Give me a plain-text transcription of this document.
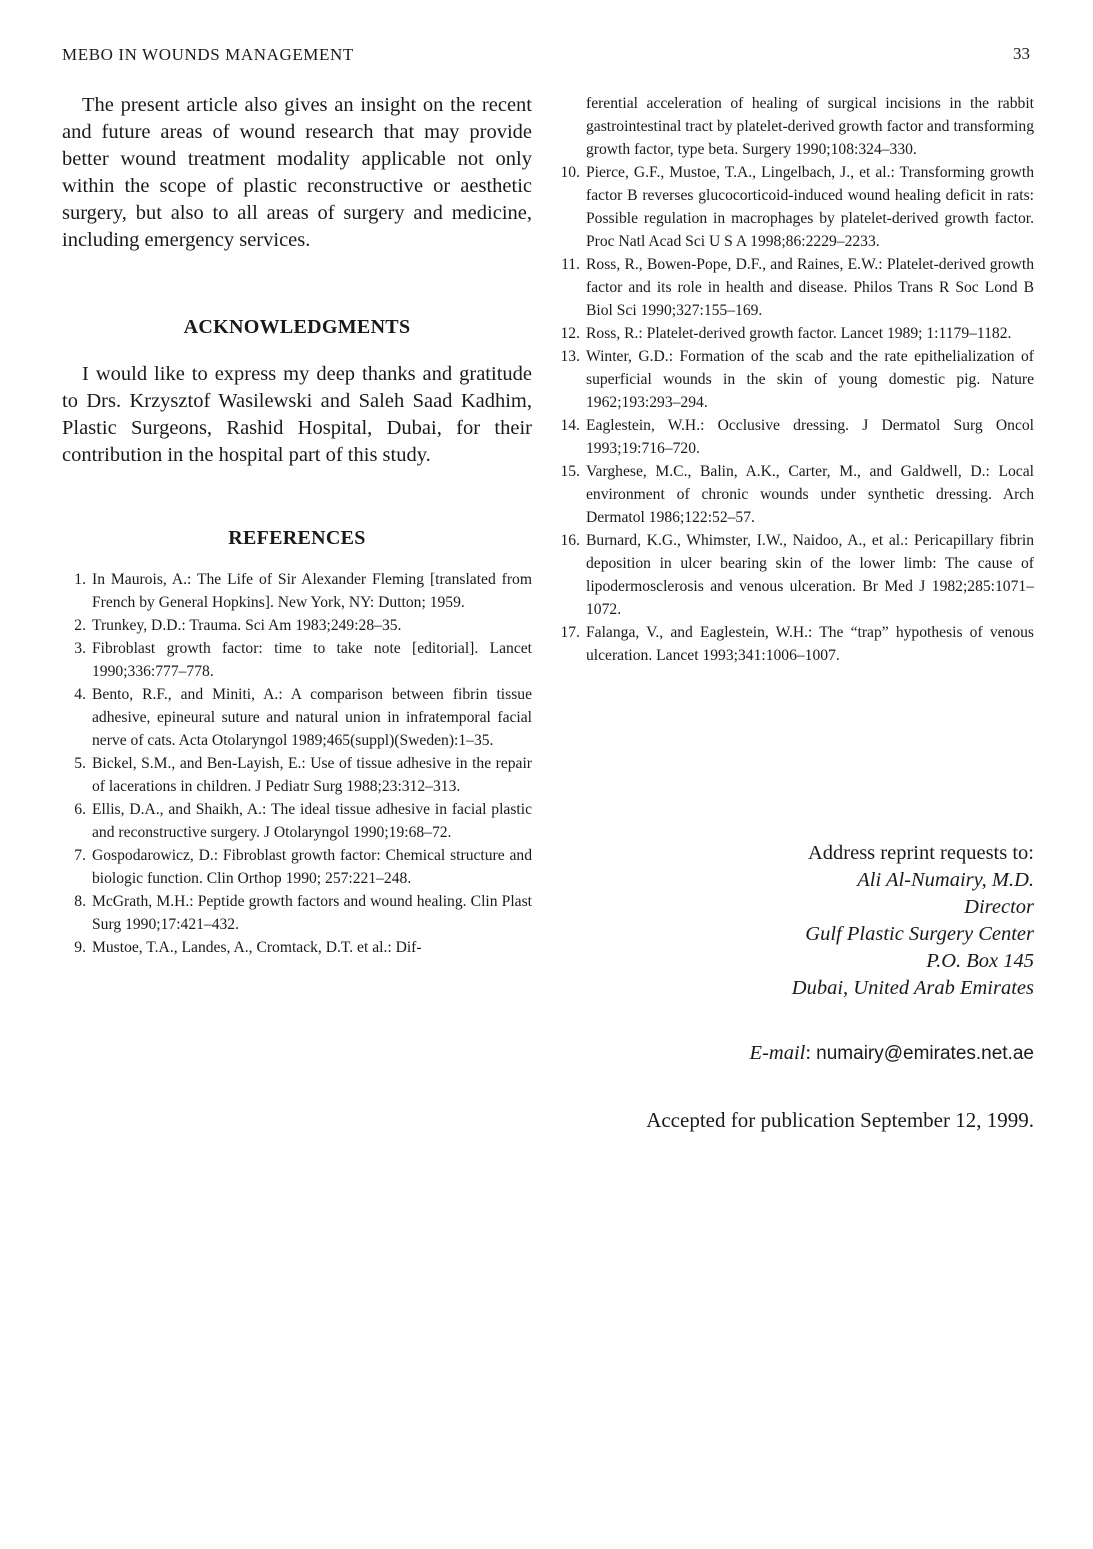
MEBO IN WOUNDS MANAGEMENT	33

The present article also gives an insight on the recent and future areas of wound research that may provide better wound treatment modality applicable not only within the scope of plastic reconstructive or aesthetic surgery, but also to all areas of surgery and medicine, including emergency services.

ACKNOWLEDGMENTS

I would like to express my deep thanks and gratitude to Drs. Krzysztof Wasilewski and Saleh Saad Kadhim, Plastic Surgeons, Rashid Hospital, Dubai, for their contribution in the hospital part of this study.

REFERENCES
1. In Maurois, A.: The Life of Sir Alexander Fleming [translated from French by General Hopkins]. New York, NY: Dutton; 1959.
2. Trunkey, D.D.: Trauma. Sci Am 1983;249:28–35.
3. Fibroblast growth factor: time to take note [editorial]. Lancet 1990;336:777–778.
4. Bento, R.F., and Miniti, A.: A comparison between fibrin tissue adhesive, epineural suture and natural union in infratemporal facial nerve of cats. Acta Otolaryngol 1989;465(suppl)(Sweden):1–35.
5. Bickel, S.M., and Ben-Layish, E.: Use of tissue adhesive in the repair of lacerations in children. J Pediatr Surg 1988;23:312–313.
6. Ellis, D.A., and Shaikh, A.: The ideal tissue adhesive in facial plastic and reconstructive surgery. J Otolaryngol 1990;19:68–72.
7. Gospodarowicz, D.: Fibroblast growth factor: Chemical structure and biologic function. Clin Orthop 1990; 257:221–248.
8. McGrath, M.H.: Peptide growth factors and wound healing. Clin Plast Surg 1990;17:421–432.
9. Mustoe, T.A., Landes, A., Cromtack, D.T. et al.: Dif-

ferential acceleration of healing of surgical incisions in the rabbit gastrointestinal tract by platelet-derived growth factor and transforming growth factor, type beta. Surgery 1990;108:324–330.

10. Pierce, G.F., Mustoe, T.A., Lingelbach, J., et al.: Transforming growth factor B reverses glucocorticoid-induced wound healing deficit in rats: Possible regulation in macrophages by platelet-derived growth factor. Proc Natl Acad Sci U S A 1998;86:2229–2233.
11. Ross, R., Bowen-Pope, D.F., and Raines, E.W.: Platelet-derived growth factor and its role in health and disease. Philos Trans R Soc Lond B Biol Sci 1990;327:155–169.
12. Ross, R.: Platelet-derived growth factor. Lancet 1989; 1:1179–1182.
13. Winter, G.D.: Formation of the scab and the rate epithelialization of superficial wounds in the skin of young domestic pig. Nature 1962;193:293–294.
14. Eaglestein, W.H.: Occlusive dressing. J Dermatol Surg Oncol 1993;19:716–720.
15. Varghese, M.C., Balin, A.K., Carter, M., and Galdwell, D.: Local environment of chronic wounds under synthetic dressing. Arch Dermatol 1986;122:52–57.
16. Burnard, K.G., Whimster, I.W., Naidoo, A., et al.: Pericapillary fibrin deposition in ulcer bearing skin of the lower limb: The cause of lipodermosclerosis and venous ulceration. Br Med J 1982;285:1071–1072.
17. Falanga, V., and Eaglestein, W.H.: The “trap” hypothesis of venous ulceration. Lancet 1993;341:1006–1007.
Address reprint requests to:
Ali Al-Numairy, M.D.
Director
Gulf Plastic Surgery Center
P.O. Box 145
Dubai, United Arab Emirates
E-mail: numairy@emirates.net.ae
Accepted for publication September 12, 1999.
